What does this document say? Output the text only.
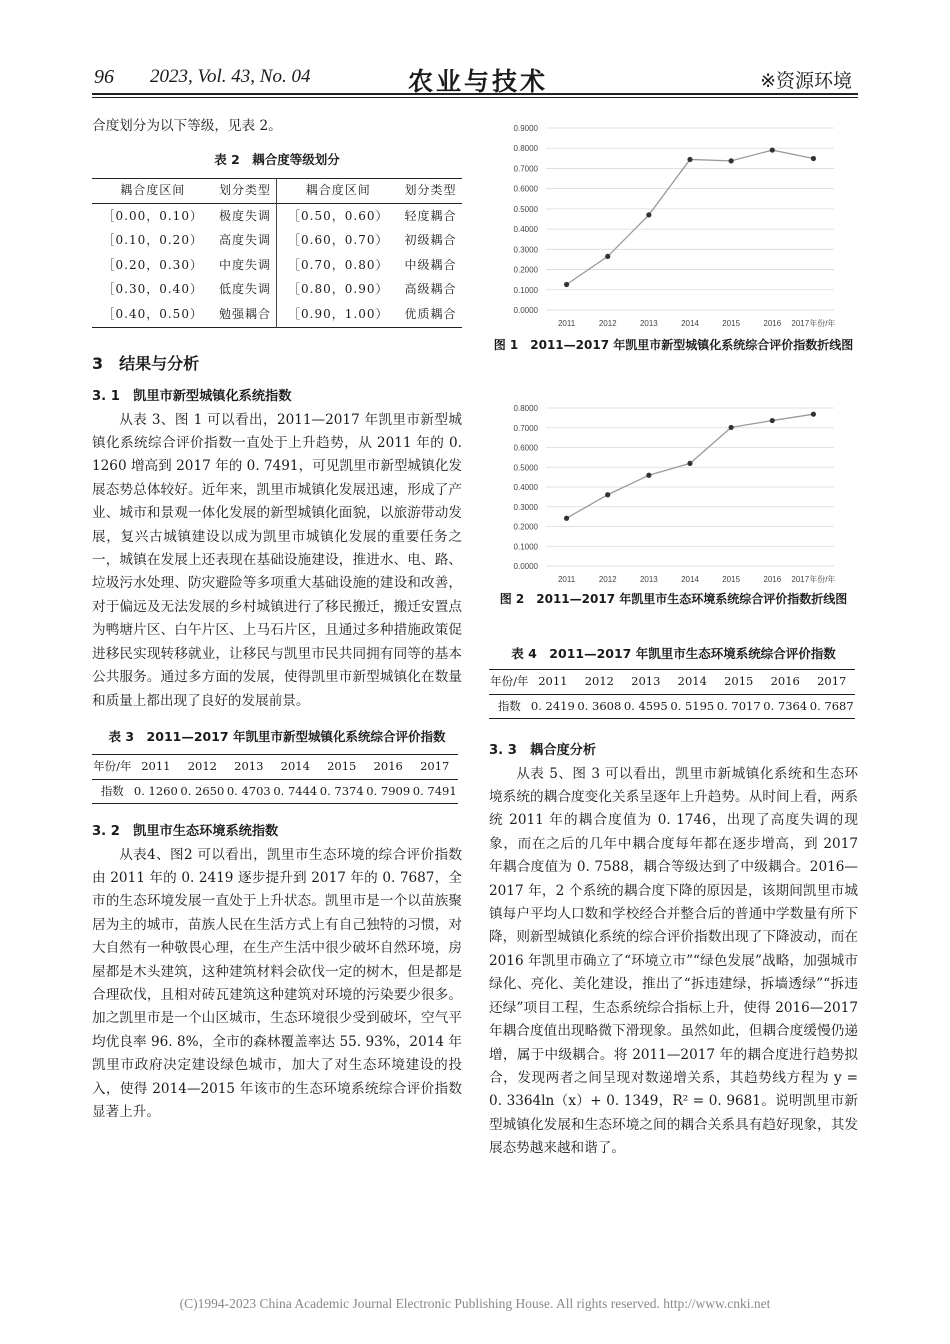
96 2023, Vol. 43, No. 04	农业与技术	※资源环境

合度划分为以下等级，见表 2。

表 2　耦合度等级划分
耦合度区间	划分类型	耦合度区间	划分类型
［0.00，0.10）	极度失调	［0.50，0.60）	轻度耦合
［0.10，0.20）	高度失调	［0.60，0.70）	初级耦合
［0.20，0.30）	中度失调	［0.70，0.80）	中级耦合
［0.30，0.40）	低度失调	［0.80，0.90）	高级耦合
［0.40，0.50）	勉强耦合	［0.90，1.00）	优质耦合
3　结果与分析
3. 1　凯里市新型城镇化系统指数

从表 3、图 1 可以看出，2011—2017 年凯里市新型城镇化系统综合评价指数一直处于上升趋势，从 2011 年的 0. 1260 增高到 2017 年的 0. 7491，可见凯里市新型城镇化发展态势总体较好。近年来，凯里市城镇化发展迅速，形成了产业、城市和景观一体化发展的新型城镇化面貌，以旅游带动发展，复兴古城镇建设以成为凯里市城镇化发展的重要任务之一，城镇在发展上还表现在基础设施建设，推进水、电、路、垃圾污水处理、防灾避险等多项重大基础设施的建设和改善，对于偏远及无法发展的乡村城镇进行了移民搬迁，搬迁安置点为鸭塘片区、白午片区、上马石片区，且通过多种措施政策促进移民实现转移就业，让移民与凯里市民共同拥有同等的基本公共服务。通过多方面的发展，使得凯里市新型城镇化在数量和质量上都出现了良好的发展前景。

表 3　2011—2017 年凯里市新型城镇化系统综合评价指数
年份/年	2011	2012	2013	2014	2015	2016	2017
指数	0. 1260	0. 2650	0. 4703	0. 7444	0. 7374	0. 7909	0. 7491
3. 2　凯里市生态环境系统指数

从表4、图2 可以看出，凯里市生态环境的综合评价指数由 2011 年的 0. 2419 逐步提升到 2017 年的 0. 7687，全市的生态环境发展一直处于上升状态。凯里市是一个以苗族聚居为主的城市，苗族人民在生活方式上有自己独特的习惯，对大自然有一种敬畏心理，在生产生活中很少破坏自然环境，房屋都是木头建筑，这种建筑材料会砍伐一定的树木，但是都是合理砍伐，且相对砖瓦建筑这种建筑对环境的污染要少很多。加之凯里市是一个山区城市，生态环境很少受到破坏，空气平均优良率 96. 8%，全市的森林覆盖率达 55. 93%，2014 年凯里市政府决定建设绿色城市，加大了对生态环境建设的投入，使得 2014—2015 年该市的生态环境系统综合评价指数显著上升。

0.0000
0.1000
0.2000
0.3000
0.4000
0.5000
0.6000
0.7000
0.8000
0.9000
2011	2012	2013	2014	2015	2016 2017年份/年
图 1　2011—2017 年凯里市新型城镇化系统综合评价指数折线图
0.0000
0.1000
0.2000
0.3000
0.4000
0.5000
0.6000
0.7000
0.8000
2011	2012	2013	2014	2015	2016 2017年份/年
图 2　2011—2017 年凯里市生态环境系统综合评价指数折线图
表 4　2011—2017 年凯里市生态环境系统综合评价指数
年份/年	2011	2012	2013	2014	2015	2016	2017
指数	0. 2419	0. 3608	0. 4595	0. 5195	0. 7017	0. 7364	0. 7687
3. 3　耦合度分析

从表 5、图 3 可以看出，凯里市新城镇化系统和生态环境系统的耦合度变化关系呈逐年上升趋势。从时间上看，两系统 2011 年的耦合度值为 0. 1746，出现了高度失调的现象，而在之后的几年中耦合度每年都在逐步增高，到 2017 年耦合度值为 0. 7588，耦合等级达到了中级耦合。2016—2017 年，2 个系统的耦合度下降的原因是，该期间凯里市城镇每户平均人口数和学校经合并整合后的普通中学数量有所下降，则新型城镇化系统的综合评价指数出现了下降波动，而在 2016 年凯里市确立了“环境立市”“绿色发展”战略，加强城市绿化、亮化、美化建设，推出了“拆违建绿，拆墙透绿”“拆违还绿”项目工程，生态系统综合指标上升，使得 2016—2017 年耦合度值出现略微下滑现象。虽然如此，但耦合度缓慢仍递增，属于中级耦合。将 2011—2017 年的耦合度进行趋势拟合，发现两者之间呈现对数递增关系，其趋势线方程为 y = 0. 3364ln（x）+ 0. 1349，R² = 0. 9681。说明凯里市新型城镇化发展和生态环境之间的耦合关系具有趋好现象，其发展态势越来越和谐了。

(C)1994-2023 China Academic Journal Electronic Publishing House. All rights reserved. http://www.cnki.net
